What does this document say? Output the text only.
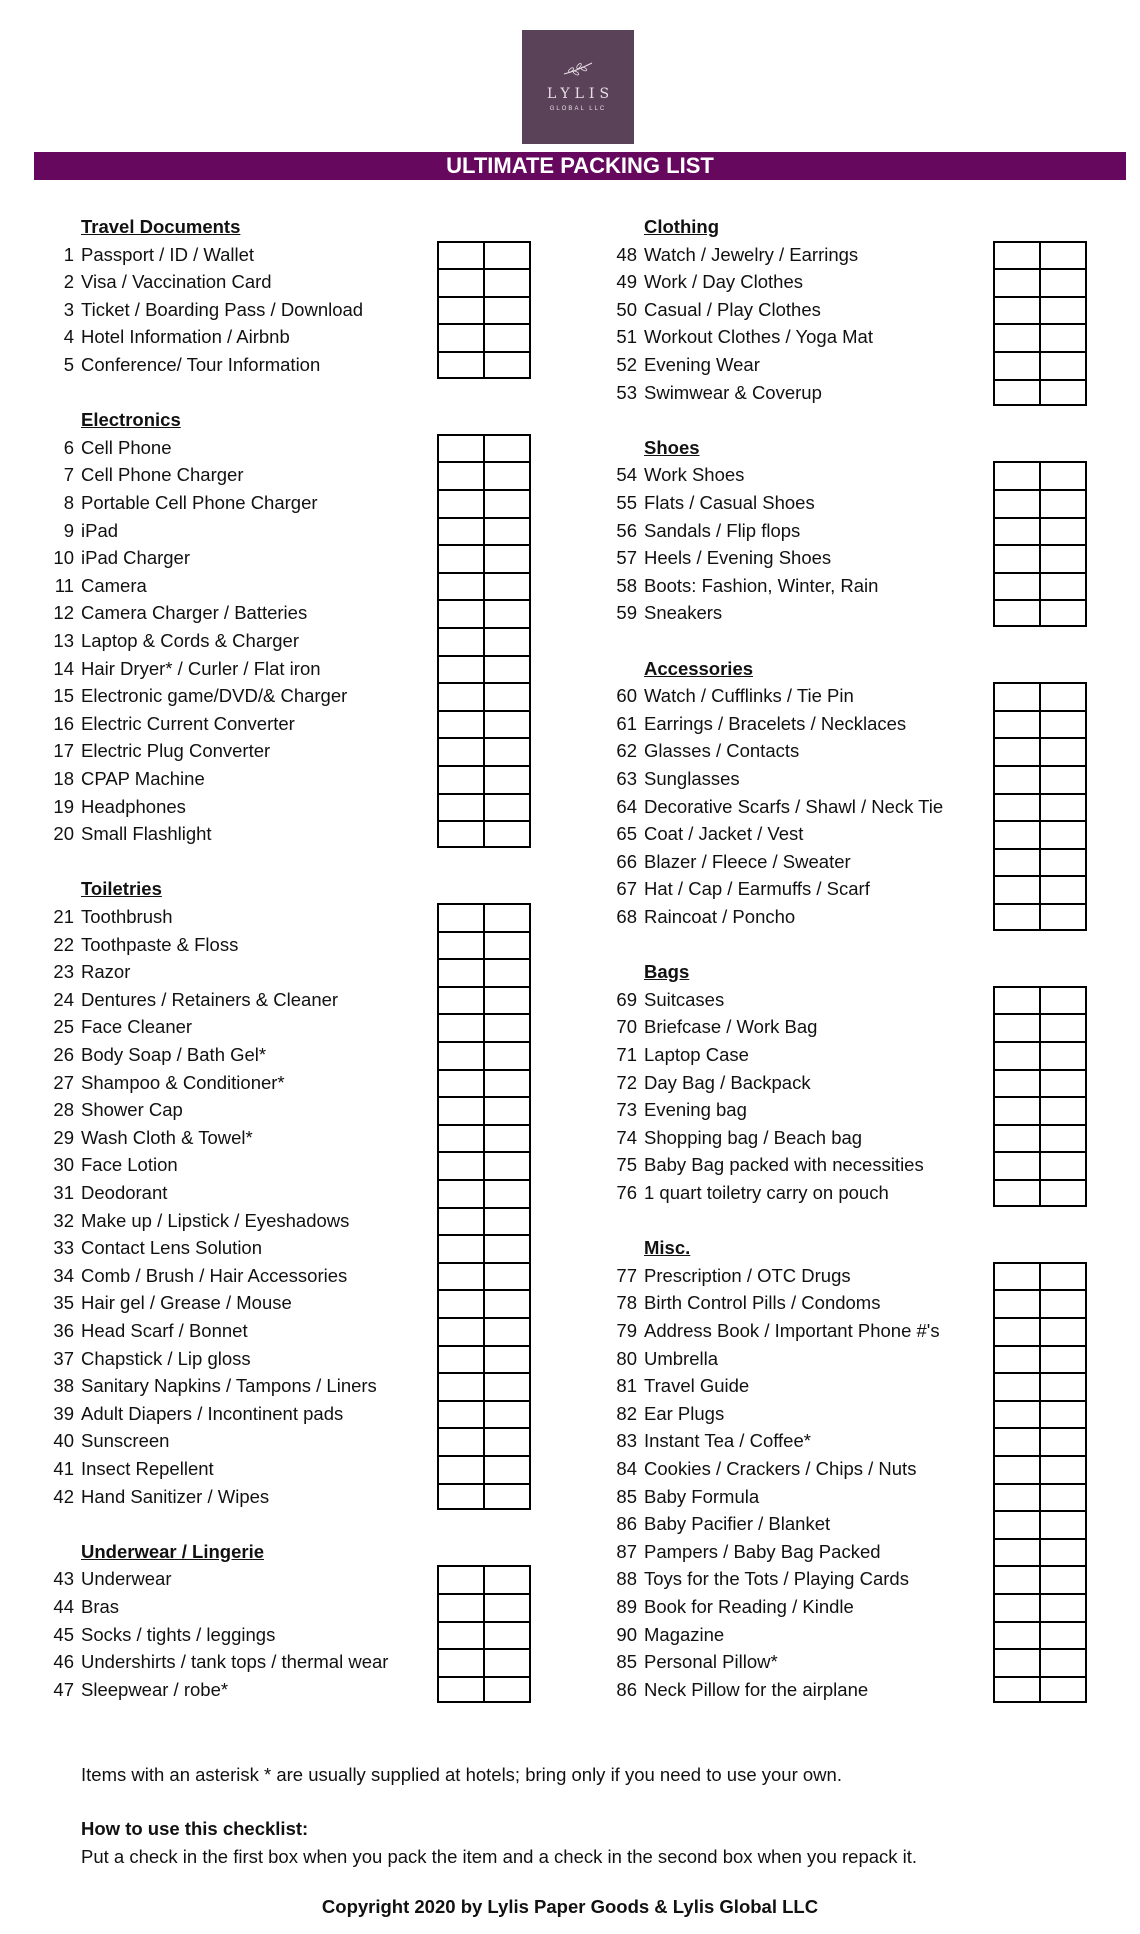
LYLIS
GLOBAL LLC
ULTIMATE PACKING LIST
Travel Documents
1 Passport / ID / Wallet
2 Visa / Vaccination Card
3 Ticket / Boarding Pass / Download
4 Hotel Information / Airbnb
5 Conference/ Tour Information
Electronics
6 Cell Phone
7 Cell Phone Charger
8 Portable Cell Phone Charger
9 iPad
10 iPad Charger
11 Camera
12 Camera Charger / Batteries
13 Laptop & Cords & Charger
14 Hair Dryer* / Curler / Flat iron
15 Electronic game/DVD/& Charger
16 Electric Current Converter
17 Electric Plug Converter
18 CPAP Machine
19 Headphones
20 Small Flashlight
Toiletries
21 Toothbrush
22 Toothpaste & Floss
23 Razor
24 Dentures / Retainers & Cleaner
25 Face Cleaner
26 Body Soap / Bath Gel*
27 Shampoo & Conditioner*
28 Shower Cap
29 Wash Cloth & Towel*
30 Face Lotion
31 Deodorant
32 Make up / Lipstick / Eyeshadows
33 Contact Lens Solution
34 Comb / Brush / Hair Accessories
35 Hair gel / Grease / Mouse
36 Head Scarf / Bonnet
37 Chapstick / Lip gloss
38 Sanitary Napkins / Tampons / Liners
39 Adult Diapers / Incontinent pads
40 Sunscreen
41 Insect Repellent
42 Hand Sanitizer / Wipes
Underwear / Lingerie
43 Underwear
44 Bras
45 Socks / tights / leggings
46 Undershirts / tank tops / thermal wear
47 Sleepwear / robe*
Clothing
48 Watch / Jewelry / Earrings
49 Work / Day Clothes
50 Casual / Play Clothes
51 Workout Clothes / Yoga Mat
52 Evening Wear
53 Swimwear & Coverup
Shoes
54 Work Shoes
55 Flats / Casual Shoes
56 Sandals / Flip flops
57 Heels / Evening Shoes
58 Boots: Fashion, Winter, Rain
59 Sneakers
Accessories
60 Watch / Cufflinks / Tie Pin
61 Earrings / Bracelets / Necklaces
62 Glasses / Contacts
63 Sunglasses
64 Decorative Scarfs / Shawl / Neck Tie
65 Coat / Jacket / Vest
66 Blazer / Fleece / Sweater
67 Hat / Cap / Earmuffs / Scarf
68 Raincoat / Poncho
Bags
69 Suitcases
70 Briefcase / Work Bag
71 Laptop Case
72 Day Bag / Backpack
73 Evening bag
74 Shopping bag / Beach bag
75 Baby Bag packed with necessities
76 1 quart toiletry carry on pouch
Misc.
77 Prescription / OTC Drugs
78 Birth Control Pills / Condoms
79 Address Book / Important Phone #'s
80 Umbrella
81 Travel Guide
82 Ear Plugs
83 Instant Tea / Coffee*
84 Cookies / Crackers / Chips / Nuts
85 Baby Formula
86 Baby Pacifier / Blanket
87 Pampers / Baby Bag Packed
88 Toys for the Tots / Playing Cards
89 Book for Reading / Kindle
90 Magazine
85 Personal Pillow*
86 Neck Pillow for the airplane
Items with an asterisk * are usually supplied at hotels; bring only if you need to use your own.
How to use this checklist:
Put a check in the first box when you pack the item and a check in the second box when you repack it.
Copyright 2020 by Lylis Paper Goods & Lylis Global LLC
